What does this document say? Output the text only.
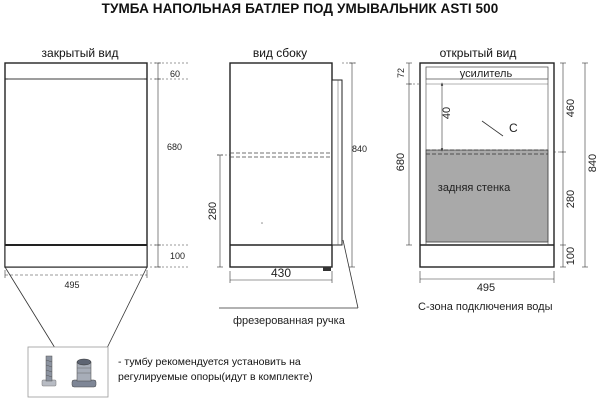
ТУМБА НАПОЛЬНАЯ БАТЛЕР ПОД УМЫВАЛЬНИК ASTI 500
закрытый вид
60
680
100
495
вид сбоку
840
280
430
фрезерованная ручка
открытый вид
усилитель
40
С
задняя стенка
72
680
460
280
100
840
495
С-зона подключения воды
- тумбу рекомендуется установить на регулируемые опоры(идут в комплекте)
